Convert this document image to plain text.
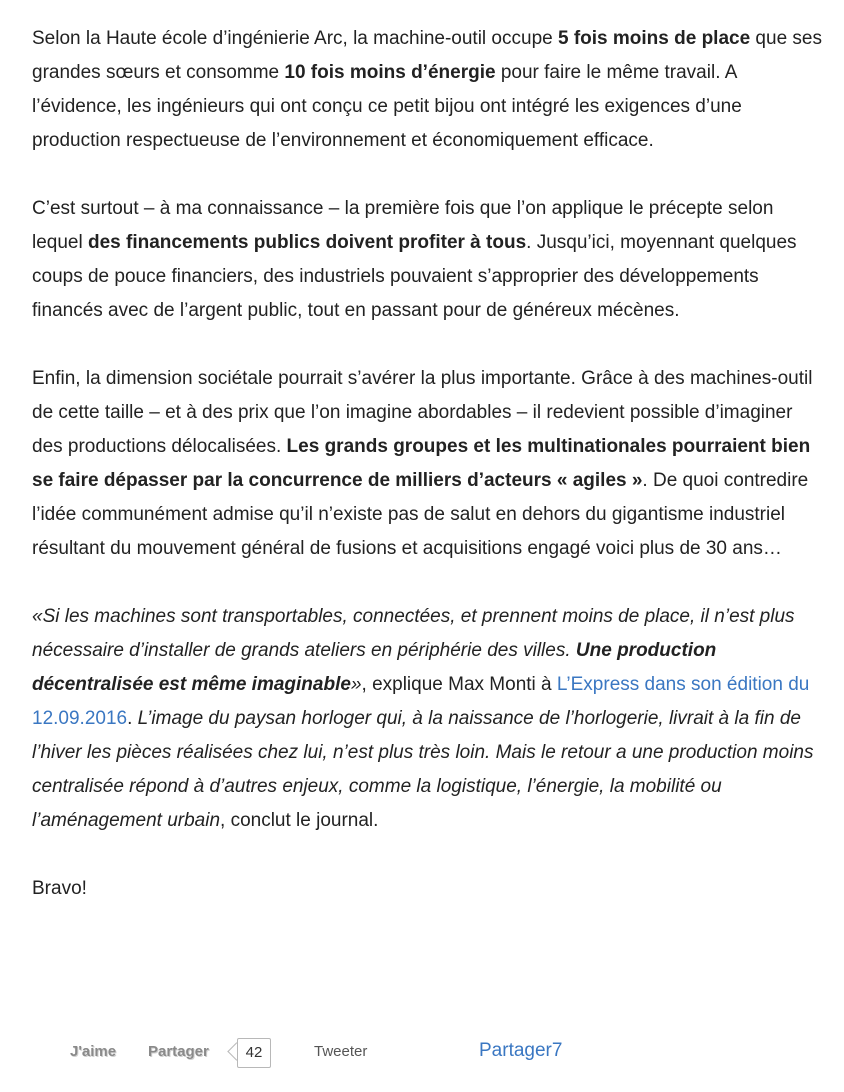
Selon la Haute école d’ingénierie Arc, la machine-outil occupe 5 fois moins de place que ses grandes sœurs et consomme 10 fois moins d’énergie pour faire le même travail. A l’évidence, les ingénieurs qui ont conçu ce petit bijou ont intégré les exigences d’une production respectueuse de l’environnement et économiquement efficace.

C’est surtout – à ma connaissance – la première fois que l’on applique le précepte selon lequel des financements publics doivent profiter à tous. Jusqu’ici, moyennant quelques coups de pouce financiers, des industriels pouvaient s’approprier des développements financés avec de l’argent public, tout en passant pour de généreux mécènes.

Enfin, la dimension sociétale pourrait s’avérer la plus importante. Grâce à des machines-outil de cette taille – et à des prix que l’on imagine abordables – il redevient possible d’imaginer des productions délocalisées. Les grands groupes et les multinationales pourraient bien se faire dépasser par la concurrence de milliers d’acteurs « agiles ». De quoi contredire l’idée communément admise qu’il n’existe pas de salut en dehors du gigantisme industriel résultant du mouvement général de fusions et acquisitions engagé voici plus de 30 ans…

«Si les machines sont transportables, connectées, et prennent moins de place, il n’est plus nécessaire d’installer de grands ateliers en périphérie des villes. Une production décentralisée est même imaginable», explique Max Monti à L’Express dans son édition du 12.09.2016. L’image du paysan horloger qui, à la naissance de l’horlogerie, livrait à la fin de l’hiver les pièces réalisées chez lui, n’est plus très loin. Mais le retour a une production moins centralisée répond à d’autres enjeux, comme la logistique, l’énergie, la mobilité ou l’aménagement urbain, conclut le journal.

Bravo!

J'aime Partager	42	Tweeter	Partager7
